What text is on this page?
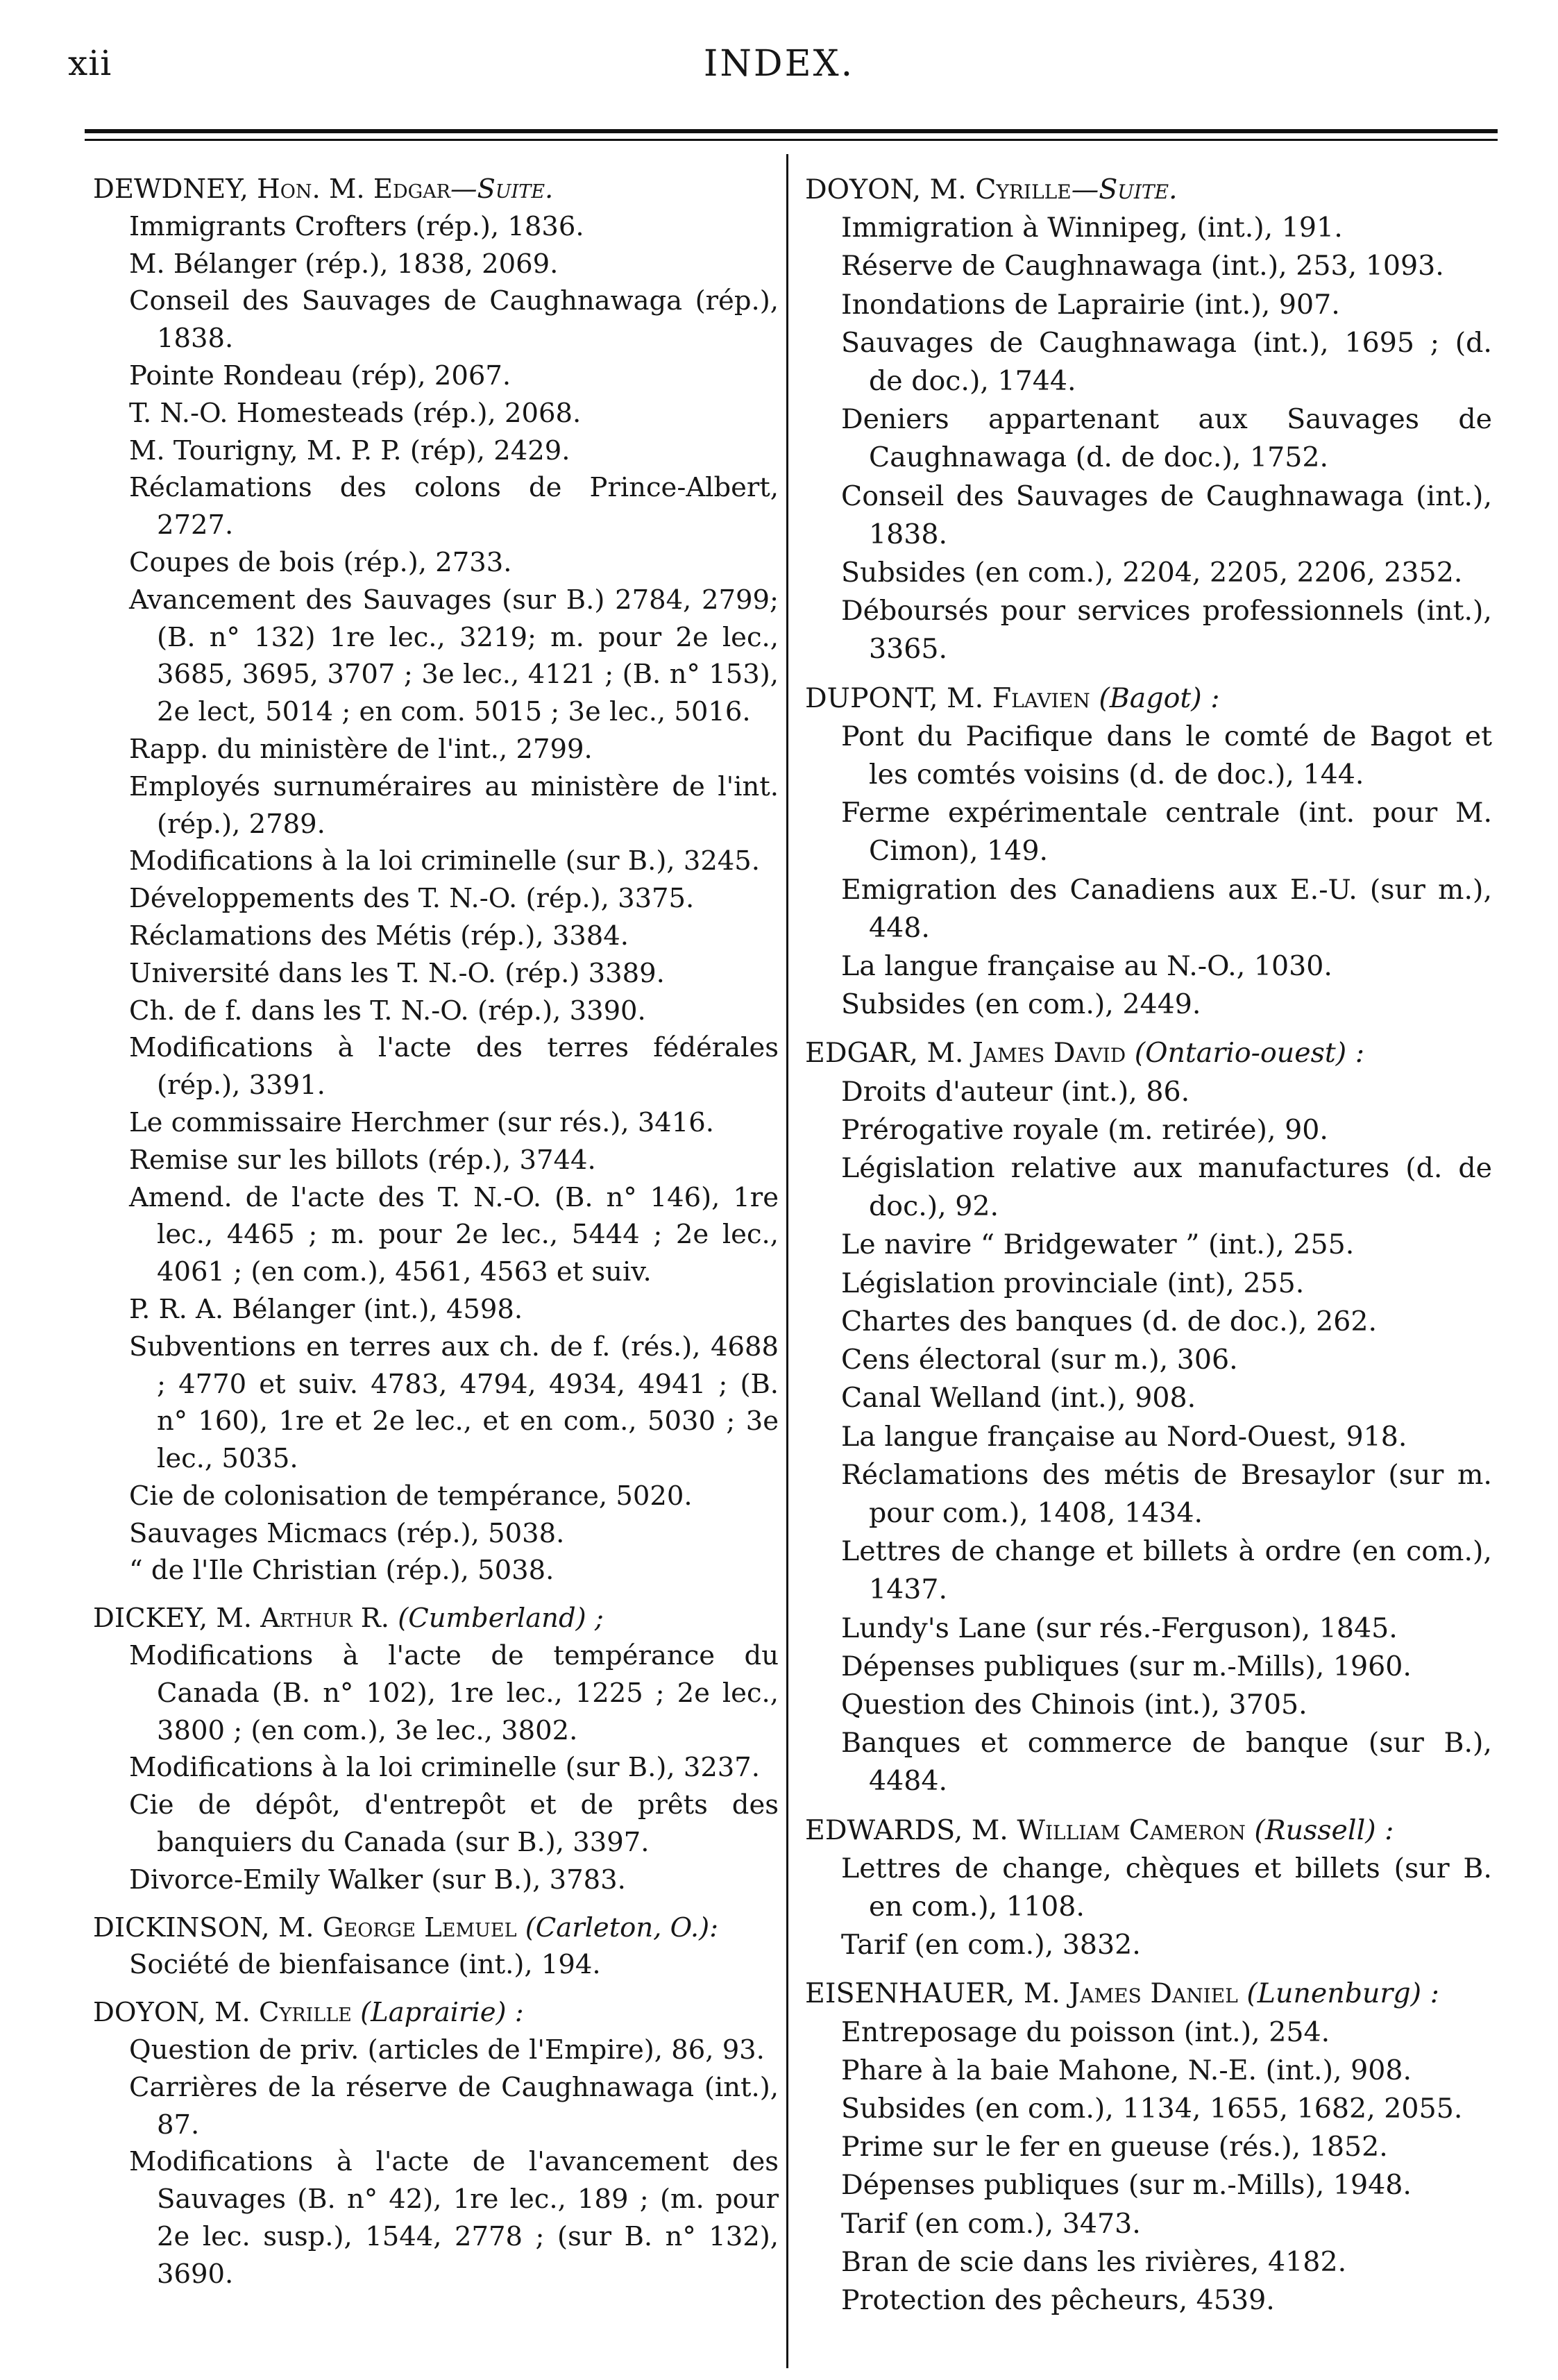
xii	INDEX.
DEWDNEY, Hon. M. Edgar—Suite.
Immigrants Crofters (rép.), 1836.
M. Bélanger (rép.), 1838, 2069.
Conseil des Sauvages de Caughnawaga (rép.), 1838.
Pointe Rondeau (rép), 2067.
T. N.-O. Homesteads (rép.), 2068.
M. Tourigny, M. P. P. (rép), 2429.
Réclamations des colons de Prince-Albert, 2727.
Coupes de bois (rép.), 2733.
Avancement des Sauvages (sur B.) 2784, 2799; (B. n° 132) 1re lec., 3219; m. pour 2e lec., 3685, 3695, 3707 ; 3e lec., 4121 ; (B. n° 153), 2e lect, 5014 ; en com. 5015 ; 3e lec., 5016.
Rapp. du ministère de l'int., 2799.
Employés surnuméraires au ministère de l'int. (rép.), 2789.
Modifications à la loi criminelle (sur B.), 3245.
Développements des T. N.-O. (rép.), 3375.
Réclamations des Métis (rép.), 3384.
Université dans les T. N.-O. (rép.) 3389.
Ch. de f. dans les T. N.-O. (rép.), 3390.
Modifications à l'acte des terres fédérales (rép.), 3391.
Le commissaire Herchmer (sur rés.), 3416.
Remise sur les billots (rép.), 3744.
Amend. de l'acte des T. N.-O. (B. n° 146), 1re lec., 4465 ; m. pour 2e lec., 5444 ; 2e lec., 4061 ; (en com.), 4561, 4563 et suiv.
P. R. A. Bélanger (int.), 4598.
Subventions en terres aux ch. de f. (rés.), 4688 ; 4770 et suiv. 4783, 4794, 4934, 4941 ; (B. n° 160), 1re et 2e lec., et en com., 5030 ; 3e lec., 5035.
Cie de colonisation de tempérance, 5020.
Sauvages Micmacs (rép.), 5038.
“ de l'Ile Christian (rép.), 5038.
DICKEY, M. Arthur R. (Cumberland) ;
Modifications à l'acte de tempérance du Canada (B. n° 102), 1re lec., 1225 ; 2e lec., 3800 ; (en com.), 3e lec., 3802.
Modifications à la loi criminelle (sur B.), 3237.
Cie de dépôt, d'entrepôt et de prêts des banquiers du Canada (sur B.), 3397.
Divorce-Emily Walker (sur B.), 3783.
DICKINSON, M. George Lemuel (Carleton, O.):
Société de bienfaisance (int.), 194.
DOYON, M. Cyrille (Laprairie) :
Question de priv. (articles de l'Empire), 86, 93.
Carrières de la réserve de Caughnawaga (int.), 87.
Modifications à l'acte de l'avancement des Sauvages (B. n° 42), 1re lec., 189 ; (m. pour 2e lec. susp.), 1544, 2778 ; (sur B. n° 132), 3690.
DOYON, M. Cyrille—Suite.
Immigration à Winnipeg, (int.), 191.
Réserve de Caughnawaga (int.), 253, 1093.
Inondations de Laprairie (int.), 907.
Sauvages de Caughnawaga (int.), 1695 ; (d. de doc.), 1744.
Deniers appartenant aux Sauvages de Caughnawaga (d. de doc.), 1752.
Conseil des Sauvages de Caughnawaga (int.), 1838.
Subsides (en com.), 2204, 2205, 2206, 2352.
Déboursés pour services professionnels (int.), 3365.
DUPONT, M. Flavien (Bagot) :
Pont du Pacifique dans le comté de Bagot et les comtés voisins (d. de doc.), 144.
Ferme expérimentale centrale (int. pour M. Cimon), 149.
Emigration des Canadiens aux E.-U. (sur m.), 448.
La langue française au N.-O., 1030.
Subsides (en com.), 2449.
EDGAR, M. James David (Ontario-ouest) :
Droits d'auteur (int.), 86.
Prérogative royale (m. retirée), 90.
Législation relative aux manufactures (d. de doc.), 92.
Le navire “ Bridgewater ” (int.), 255.
Législation provinciale (int), 255.
Chartes des banques (d. de doc.), 262.
Cens électoral (sur m.), 306.
Canal Welland (int.), 908.
La langue française au Nord-Ouest, 918.
Réclamations des métis de Bresaylor (sur m. pour com.), 1408, 1434.
Lettres de change et billets à ordre (en com.), 1437.
Lundy's Lane (sur rés.-Ferguson), 1845.
Dépenses publiques (sur m.-Mills), 1960.
Question des Chinois (int.), 3705.
Banques et commerce de banque (sur B.), 4484.
EDWARDS, M. William Cameron (Russell) :
Lettres de change, chèques et billets (sur B. en com.), 1108.
Tarif (en com.), 3832.
EISENHAUER, M. James Daniel (Lunenburg) :
Entreposage du poisson (int.), 254.
Phare à la baie Mahone, N.-E. (int.), 908.
Subsides (en com.), 1134, 1655, 1682, 2055.
Prime sur le fer en gueuse (rés.), 1852.
Dépenses publiques (sur m.-Mills), 1948.
Tarif (en com.), 3473.
Bran de scie dans les rivières, 4182.
Protection des pêcheurs, 4539.
